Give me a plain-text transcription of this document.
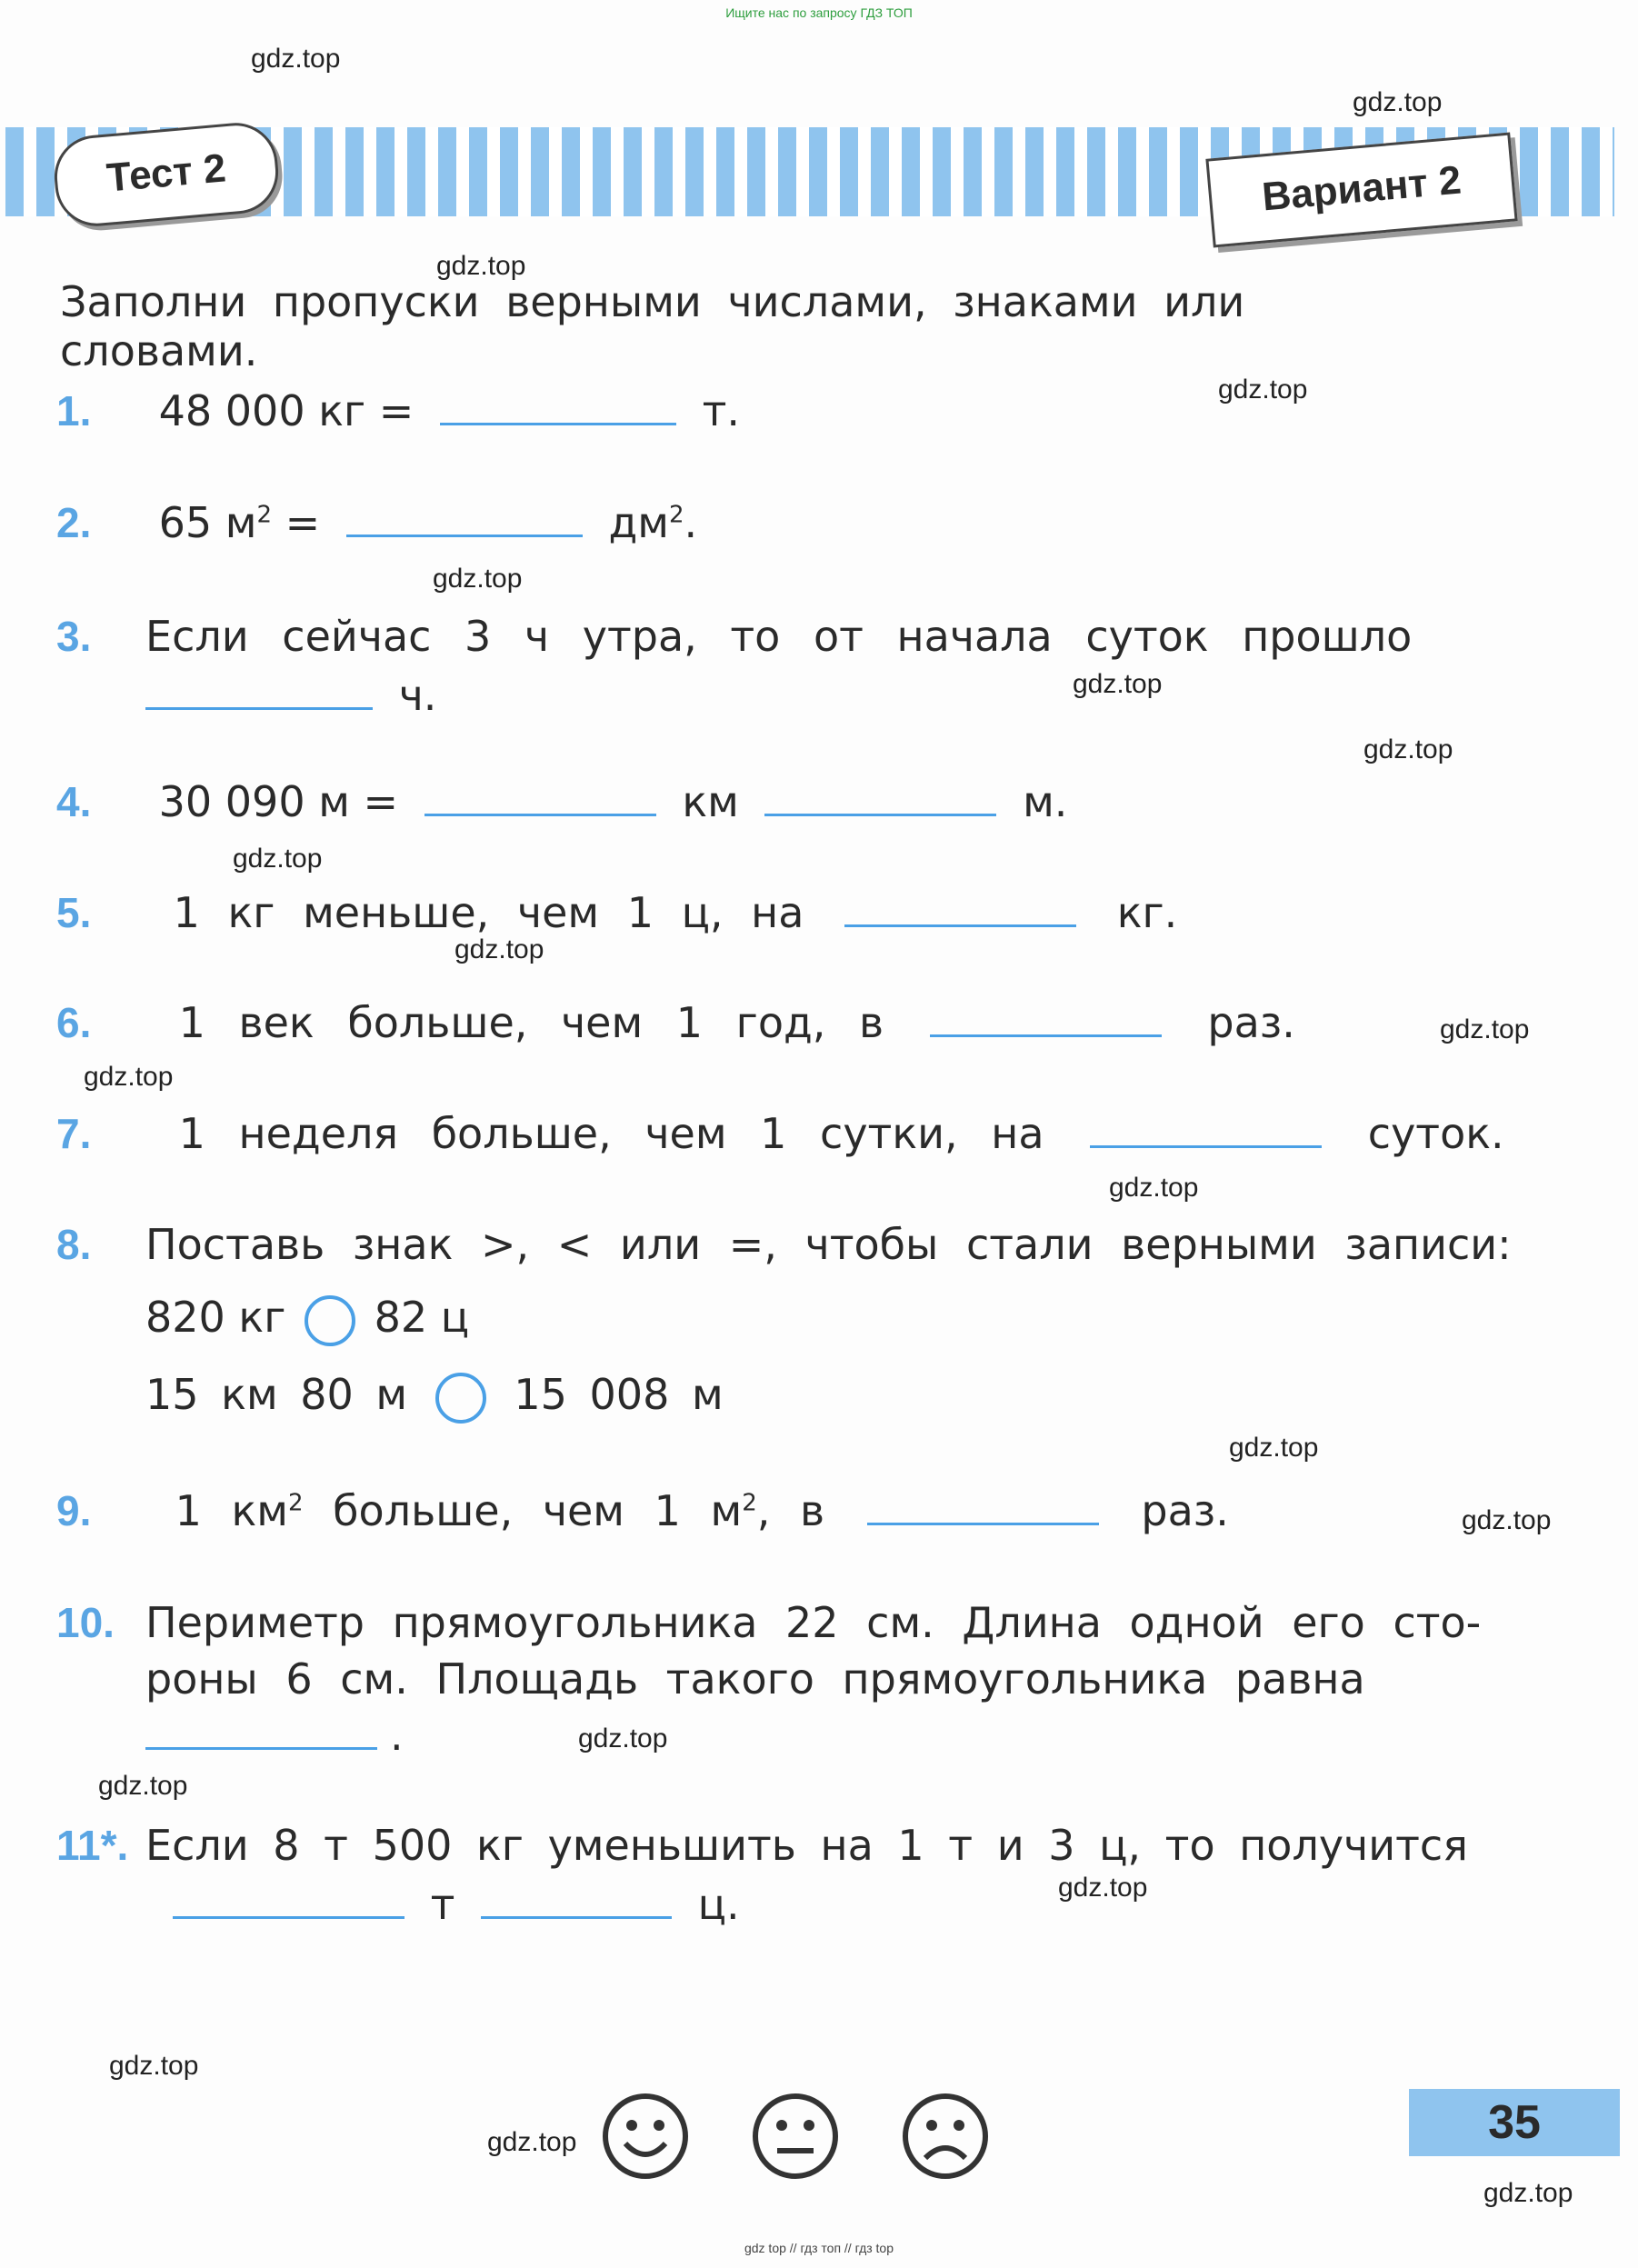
Ищите нас по запросу ГДЗ ТОП
Тест 2	Вариант 2
Заполни пропуски верными числами, знаками или словами.
1. 48 000 кг =	т.
2. 65 $м^2$ =	$дм^2$.
3. Если сейчас 3 ч утра, то от начала суток прошло
ч.
4. 30 090 м =	км	м.
5. 1 кг меньше, чем 1 ц, на	кг.
6. 1 век больше, чем 1 год, в	раз.
7. 1 неделя больше, чем 1 сутки, на	суток.
8. Поставь знак >, < или =, чтобы стали верными записи:
820 кг 82 ц
15 км 80 м	15 008 м
9. 1 $км^2$ больше, чем 1 $м^2$, в	раз.
10. Периметр прямоугольника 22 см. Длина одной его сто-
роны 6 см. Площадь такого прямоугольника равна
.
11*. Если 8 т 500 кг уменьшить на 1 т и 3 ц, то получится
т	ц.
gdz.top
gdz.top
gdz.top
gdz.top
gdz.top
gdz.top
gdz.top
gdz.top
gdz.top
gdz.top
gdz.top
gdz.top
gdz.top
gdz.top
gdz.top
gdz.top
gdz.top
gdz.top
gdz.top
gdz.top
35
gdz top // гдз топ // гдз top
